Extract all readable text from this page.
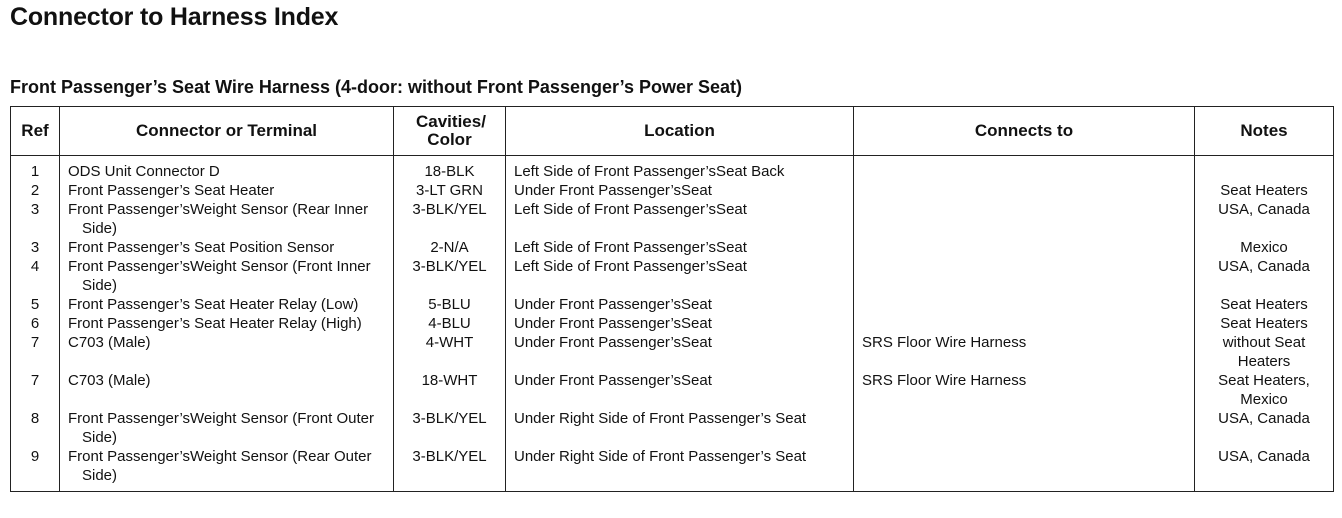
Connector to Harness Index
Front Passenger’s Seat Wire Harness (4-door: without Front Passenger’s Power Seat)
Ref	Connector or Terminal	Cavities/ Color	Location	Connects to	Notes
1	ODS Unit Connector D	18-BLK	Left Side of Front Passenger’sSeat Back		
2	Front Passenger’s Seat Heater	3-LT GRN	Under Front Passenger’sSeat		Seat Heaters
3	Front Passenger’sWeight Sensor (Rear Inner Side)	3-BLK/YEL	Left Side of Front Passenger’sSeat		USA, Canada
3	Front Passenger’s Seat Position Sensor	2-N/A	Left Side of Front Passenger’sSeat		Mexico
4	Front Passenger’sWeight Sensor (Front Inner Side)	3-BLK/YEL	Left Side of Front Passenger’sSeat		USA, Canada
5	Front Passenger’s Seat Heater Relay (Low)	5-BLU	Under Front Passenger’sSeat		Seat Heaters
6	Front Passenger’s Seat Heater Relay (High)	4-BLU	Under Front Passenger’sSeat		Seat Heaters
7	C703 (Male)	4-WHT	Under Front Passenger’sSeat	SRS Floor Wire Harness	without Seat Heaters
7	C703 (Male)	18-WHT	Under Front Passenger’sSeat	SRS Floor Wire Harness	Seat Heaters, Mexico
8	Front Passenger’sWeight Sensor (Front Outer Side)	3-BLK/YEL	Under Right Side of Front Passenger’s Seat		USA, Canada
9	Front Passenger’sWeight Sensor (Rear Outer Side)	3-BLK/YEL	Under Right Side of Front Passenger’s Seat		USA, Canada
